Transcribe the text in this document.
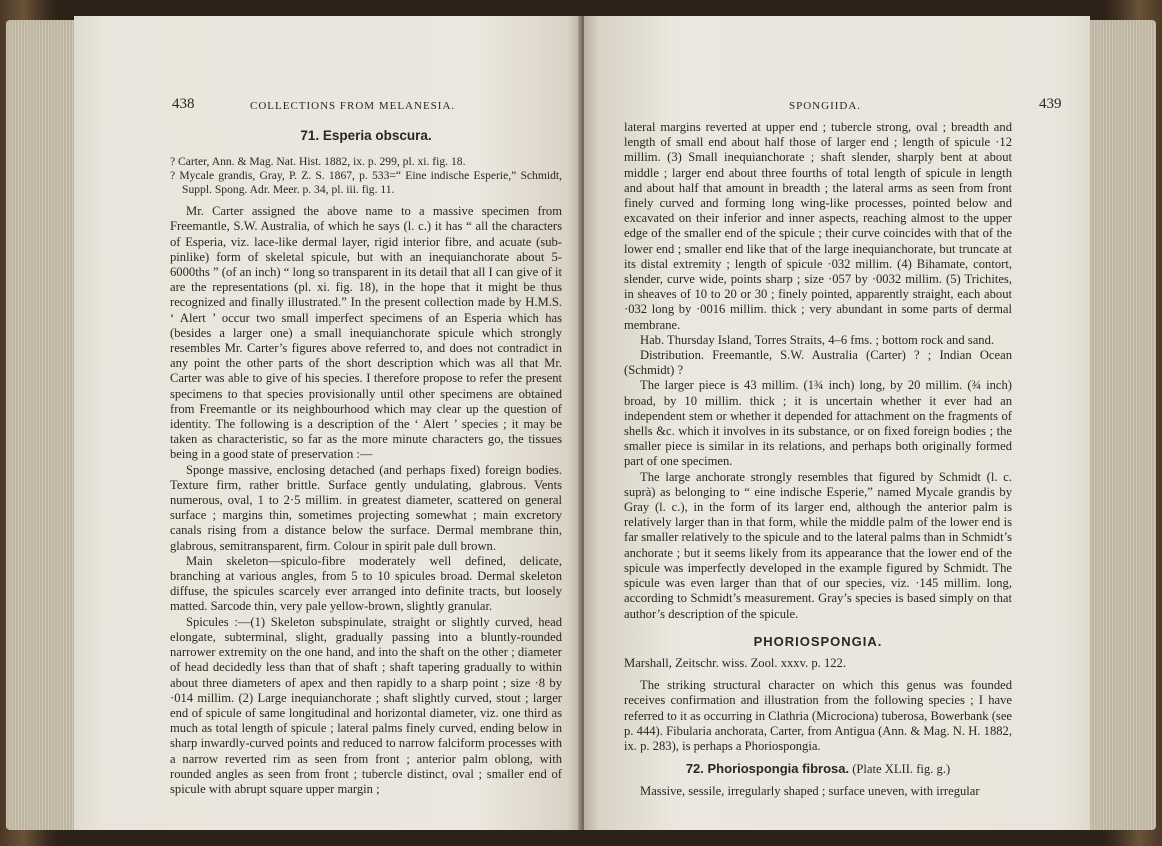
438	COLLECTIONS FROM MELANESIA.
71. Esperia obscura.

? Carter, Ann. & Mag. Nat. Hist. 1882, ix. p. 299, pl. xi. fig. 18.

? Mycale grandis, Gray, P. Z. S. 1867, p. 533=“ Eine indische Esperie,” Schmidt, Suppl. Spong. Adr. Meer. p. 34, pl. iii. fig. 11.

Mr. Carter assigned the above name to a massive specimen from Freemantle, S.W. Australia, of which he says (l. c.) it has “ all the characters of Esperia, viz. lace-like dermal layer, rigid interior fibre, and acuate (sub-pinlike) form of skeletal spicule, but with an inequianchorate about 5-6000ths ” (of an inch) “ long so transparent in its detail that all I can give of it are the representations (pl. xi. fig. 18), in the hope that it might be thus recognized and finally illustrated.” In the present collection made by H.M.S. ‘ Alert ’ occur two small imperfect specimens of an Esperia which has (besides a larger one) a small inequianchorate spicule which strongly resembles Mr. Carter’s figures above referred to, and does not contradict in any point the other parts of the short description which was all that Mr. Carter was able to give of his species. I therefore propose to refer the present specimens to that species provisionally until other specimens are obtained from Freemantle or its neighbourhood which may clear up the question of identity. The following is a description of the ‘ Alert ’ species ; it may be taken as characteristic, so far as the more minute characters go, the tissues being in a good state of preservation :—

Sponge massive, enclosing detached (and perhaps fixed) foreign bodies. Texture firm, rather brittle. Surface gently undulating, glabrous. Vents numerous, oval, 1 to 2·5 millim. in greatest diameter, scattered on general surface ; margins thin, sometimes projecting somewhat ; main excretory canals rising from a distance below the surface. Dermal membrane thin, glabrous, semitransparent, firm. Colour in spirit pale dull brown.

Main skeleton—spiculo-fibre moderately well defined, delicate, branching at various angles, from 5 to 10 spicules broad. Dermal skeleton diffuse, the spicules scarcely ever arranged into definite tracts, but loosely matted. Sarcode thin, very pale yellow-brown, slightly granular.

Spicules :—(1) Skeleton subspinulate, straight or slightly curved, head elongate, subterminal, slight, gradually passing into a bluntly-rounded narrower extremity on the one hand, and into the shaft on the other ; diameter of head decidedly less than that of shaft ; shaft tapering gradually to within about three diameters of apex and then rapidly to a sharp point ; size ·8 by ·014 millim. (2) Large inequianchorate ; shaft slightly curved, stout ; larger end of spicule of same longitudinal and horizontal diameter, viz. one third as much as total length of spicule ; lateral palms finely curved, ending below in sharp inwardly-curved points and reduced to narrow falciform processes with a narrow reverted rim as seen from front ; anterior palm oblong, with rounded angles as seen from front ; tubercle distinct, oval ; smaller end of spicule with abrupt square upper margin ;

SPONGIIDA.	439

lateral margins reverted at upper end ; tubercle strong, oval ; breadth and length of small end about half those of larger end ; length of spicule ·12 millim. (3) Small inequianchorate ; shaft slender, sharply bent at about middle ; larger end about three fourths of total length of spicule in length and about half that amount in breadth ; the lateral arms as seen from front finely curved and forming long wing-like processes, pointed below and excavated on their inferior and inner aspects, reaching almost to the upper edge of the smaller end of the spicule ; their curve coincides with that of the lower end ; smaller end like that of the large inequianchorate, but truncate at its distal extremity ; length of spicule ·032 millim. (4) Bihamate, contort, slender, curve wide, points sharp ; size ·057 by ·0032 millim. (5) Trichites, in sheaves of 10 to 20 or 30 ; finely pointed, apparently straight, each about ·032 long by ·0016 millim. thick ; very abundant in some parts of dermal membrane.

Hab. Thursday Island, Torres Straits, 4–6 fms. ; bottom rock and sand.

Distribution. Freemantle, S.W. Australia (Carter) ? ; Indian Ocean (Schmidt) ?

The larger piece is 43 millim. (1¾ inch) long, by 20 millim. (¾ inch) broad, by 10 millim. thick ; it is uncertain whether it ever had an independent stem or whether it depended for attachment on the fragments of shells &c. which it involves in its substance, or on fixed foreign bodies ; the smaller piece is similar in its relations, and perhaps both originally formed part of one specimen.

The large anchorate strongly resembles that figured by Schmidt (l. c. suprà) as belonging to “ eine indische Esperie,” named Mycale grandis by Gray (l. c.), in the form of its larger end, although the anterior palm is relatively larger than in that form, while the middle palm of the lower end is far smaller relatively to the spicule and to the lateral palms than in Schmidt’s anchorate ; but it seems likely from its appearance that the lower end of the spicule was imperfectly developed in the example figured by Schmidt. The spicule was even larger than that of our species, viz. ·145 millim. long, according to Schmidt’s measurement. Gray’s species is based simply on that author’s description of the spicule.

PHORIOSPONGIA.

Marshall, Zeitschr. wiss. Zool. xxxv. p. 122.

The striking structural character on which this genus was founded receives confirmation and illustration from the following species ; I have referred to it as occurring in Clathria (Microciona) tuberosa, Bowerbank (see p. 444). Fibularia anchorata, Carter, from Antigua (Ann. & Mag. N. H. 1882, ix. p. 283), is perhaps a Phoriospongia.

72. Phoriospongia fibrosa. (Plate XLII. fig. g.)

Massive, sessile, irregularly shaped ; surface uneven, with irregular
